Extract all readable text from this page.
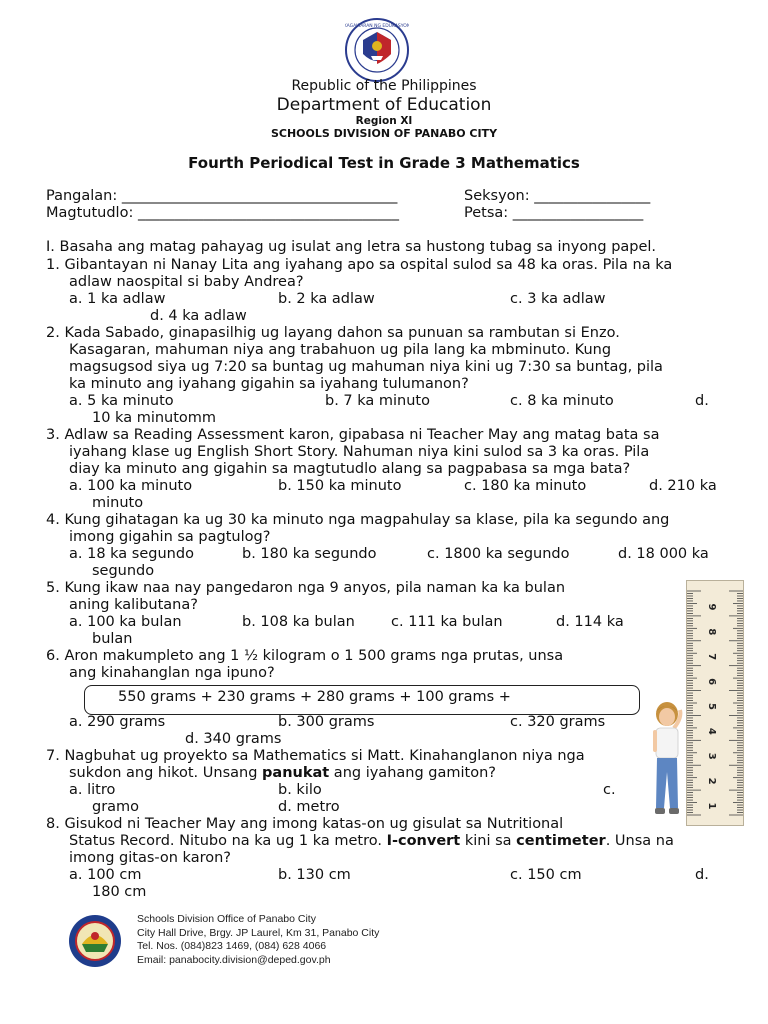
KAGAWARAN NG EDUKASYON
Republic of the Philippines
Department of Education
Region XI
SCHOOLS DIVISION OF PANABO CITY
Fourth Periodical Test in Grade 3 Mathematics
Pangalan: ______________________________________	Seksyon: ________________
Magtutudlo: ____________________________________	Petsa: __________________
I. Basaha ang matag pahayag ug isulat ang letra sa hustong tubag sa inyong papel.
1. Gibantayan ni Nanay Lita ang iyahang apo sa ospital sulod sa 48 ka oras. Pila na ka
adlaw naospital si baby Andrea?
a. 1 ka adlaw	b. 2 ka adlaw	c. 3 ka adlaw
d. 4 ka adlaw
2. Kada Sabado, ginapasilhig ug layang dahon sa punuan sa rambutan si Enzo.
Kasagaran, mahuman niya ang trabahuon ug pila lang ka mbminuto. Kung
magsugsod siya ug 7:20 sa buntag ug mahuman niya kini ug 7:30 sa buntag, pila
ka minuto ang iyahang gigahin sa iyahang tulumanon?
a. 5 ka minuto	b. 7 ka minuto	c. 8 ka minuto	d.
10 ka minutomm
3. Adlaw sa Reading Assessment karon, gipabasa ni Teacher May ang matag bata sa
iyahang klase ug English Short Story. Nahuman niya kini sulod sa 3 ka oras. Pila
diay ka minuto ang gigahin sa magtutudlo alang sa pagpabasa sa mga bata?
a. 100 ka minuto	b. 150 ka minuto	c. 180 ka minuto	d. 210 ka
minuto
4. Kung gihatagan ka ug 30 ka minuto nga magpahulay sa klase, pila ka segundo ang
imong gigahin sa pagtulog?
a. 18 ka segundo	b. 180 ka segundo	c. 1800 ka segundo	d. 18 000 ka
segundo
5. Kung ikaw naa nay pangedaron nga 9 anyos, pila naman ka ka bulan
aning kalibutana?
a. 100 ka bulan	b. 108 ka bulan c. 111 ka bulan	d. 114 ka
bulan
6. Aron makumpleto ang 1 ½ kilogram o 1 500 grams nga prutas, unsa
ang kinahanglan nga ipuno?
550 grams + 230 grams + 280 grams + 100 grams +
a. 290 grams	b. 300 grams	c. 320 grams
d. 340 grams
7. Nagbuhat ug proyekto sa Mathematics si Matt. Kinahanglanon niya nga
sukdon ang hikot. Unsang panukat ang iyahang gamiton?
a. litro	b. kilo	c.
gramo	d. metro
8. Gisukod ni Teacher May ang imong katas-on ug gisulat sa Nutritional
Status Record. Nitubo na ka ug 1 ka metro. I-convert kini sa centimeter. Unsa na
imong gitas-on karon?
a. 100 cm	b. 130 cm	c. 150 cm	d.
180 cm
9
8
7
6
5
4
3
2
1
Schools Division Office of Panabo City
City Hall Drive, Brgy. JP Laurel, Km 31, Panabo City
Tel. Nos. (084)823 1469, (084) 628 4066
Email: panabocity.division@deped.gov.ph
